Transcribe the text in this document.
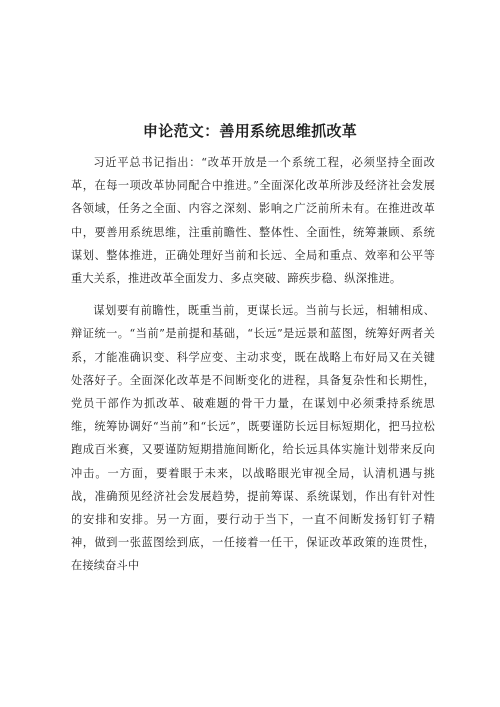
申论范文：善用系统思维抓改革

习近平总书记指出：“改革开放是一个系统工程，必须坚持全面改革，在每一项改革协同配合中推进。”全面深化改革所涉及经济社会发展各领域，任务之全面、内容之深刻、影响之广泛前所未有。在推进改革中，要善用系统思维，注重前瞻性、整体性、全面性，统筹兼顾、系统谋划、整体推进，正确处理好当前和长远、全局和重点、效率和公平等重大关系，推进改革全面发力、多点突破、蹄疾步稳、纵深推进。

谋划要有前瞻性，既重当前，更谋长远。当前与长远，相辅相成、辩证统一。“当前”是前提和基础，“长远”是远景和蓝图，统筹好两者关系，才能准确识变、科学应变、主动求变，既在战略上布好局又在关键处落好子。全面深化改革是不间断变化的进程，具备复杂性和长期性，党员干部作为抓改革、破难题的骨干力量，在谋划中必须秉持系统思维，统筹协调好“当前”和“长远”，既要谨防长远目标短期化，把马拉松跑成百米赛，又要谨防短期措施间断化，给长远具体实施计划带来反向冲击。一方面，要着眼于未来，以战略眼光审视全局，认清机遇与挑战，准确预见经济社会发展趋势，提前筹谋、系统谋划，作出有针对性的安排和安排。另一方面，要行动于当下，一直不间断发扬钉钉子精神，做到一张蓝图绘到底，一任接着一任干，保证改革政策的连贯性，在接续奋斗中
